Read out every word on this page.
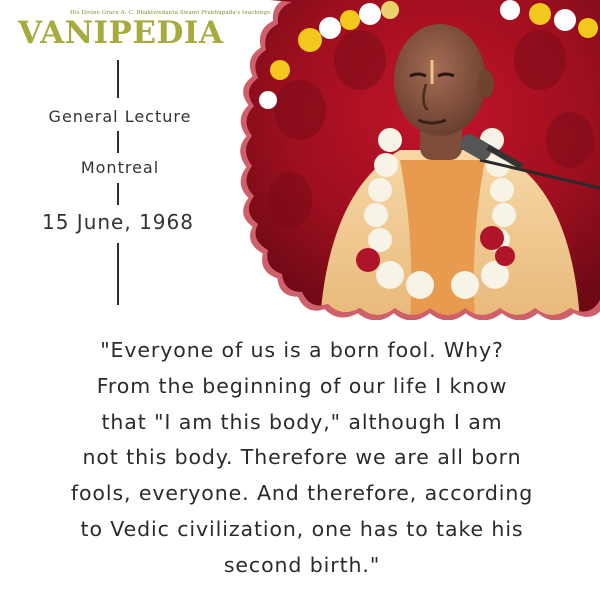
His Divine Grace A. C. Bhaktivedanta Swami Prabhupada's teachings
VANIPEDIA
General Lecture
Montreal
15 June, 1968
"Everyone of us is a born fool. Why?
From the beginning of our life I know
that "I am this body," although I am
not this body. Therefore we are all born
fools, everyone. And therefore, according
to Vedic civilization, one has to take his
second birth."
